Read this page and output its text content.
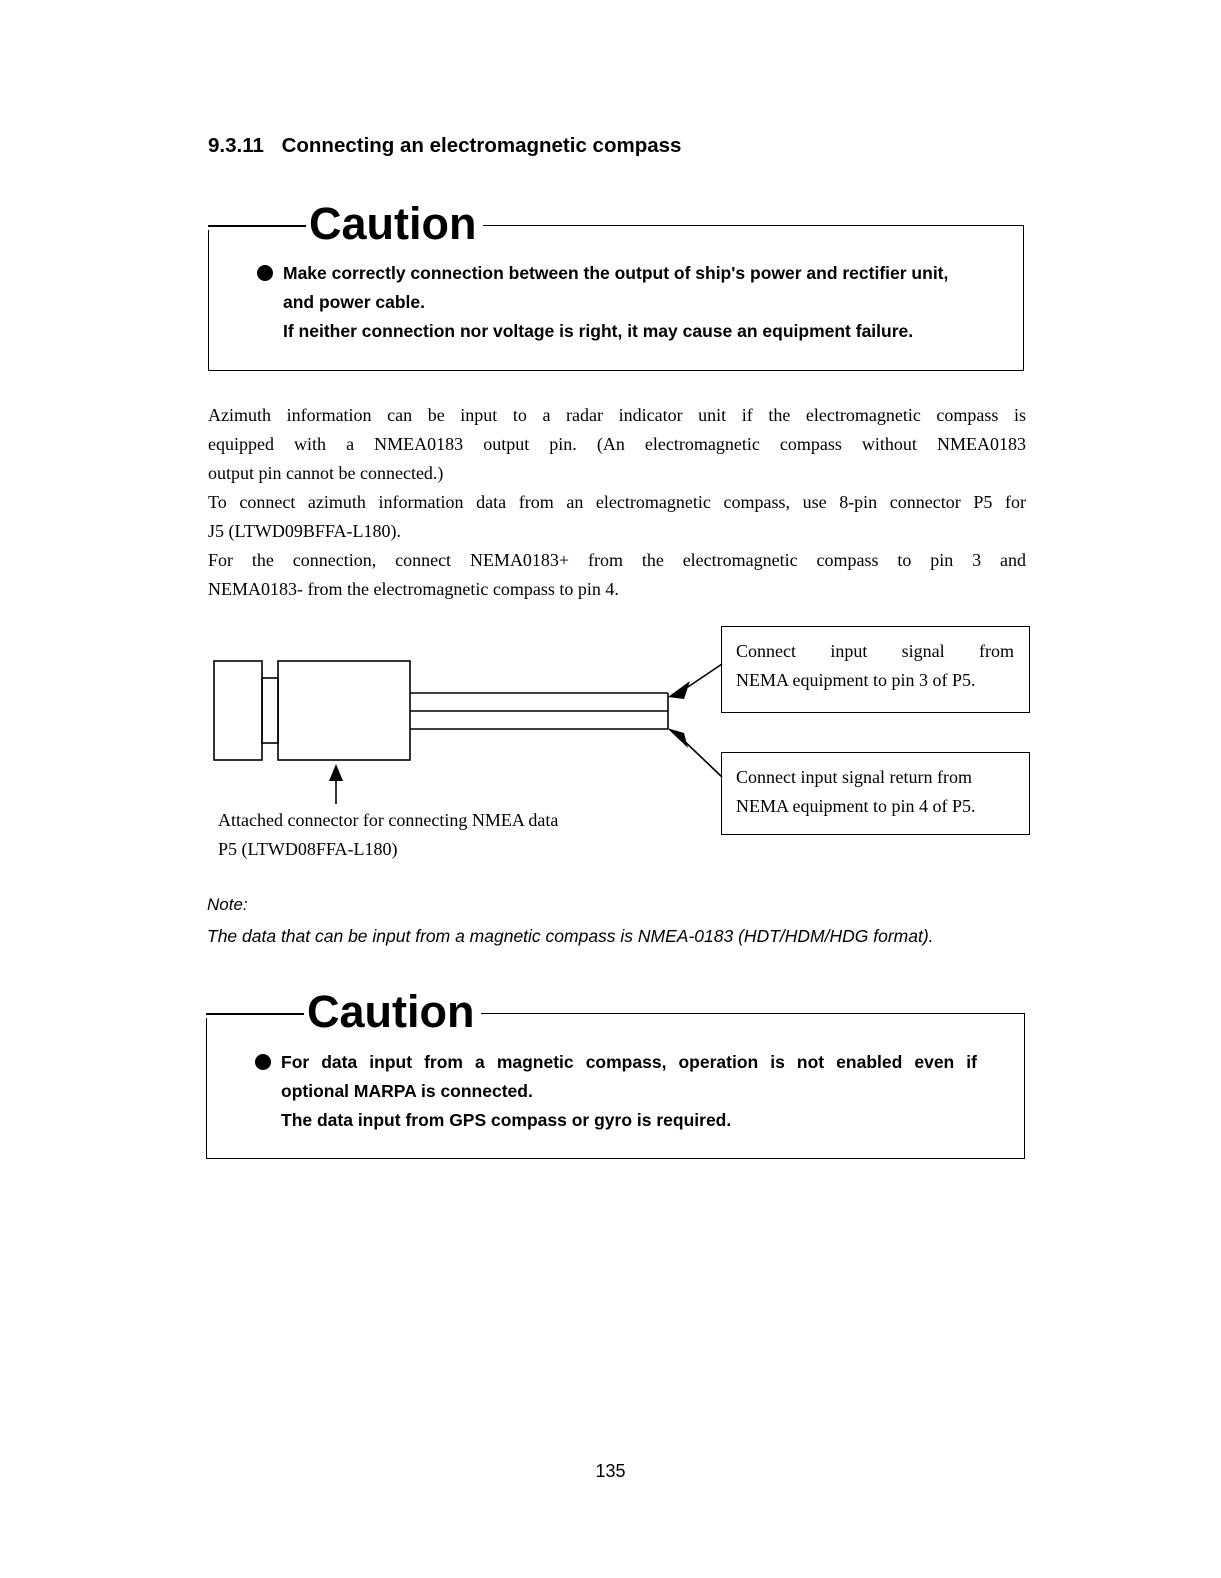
9.3.11 Connecting an electromagnetic compass
Caution
Make correctly connection between the output of ship's power and rectifier unit,
and power cable.
If neither connection nor voltage is right, it may cause an equipment failure.
Azimuth information can be input to a radar indicator unit if the electromagnetic compass is
equipped with a NMEA0183 output pin. (An electromagnetic compass without NMEA0183
output pin cannot be connected.)
To connect azimuth information data from an electromagnetic compass, use 8-pin connector P5 for
J5 (LTWD09BFFA-L180).
For the connection, connect NEMA0183+ from the electromagnetic compass to pin 3 and
NEMA0183- from the electromagnetic compass to pin 4.
Connect input signal from
NEMA equipment to pin 3 of P5.
Connect input signal return from
NEMA equipment to pin 4 of P5.
Attached connector for connecting NMEA data
P5 (LTWD08FFA-L180)
Note:
The data that can be input from a magnetic compass is NMEA-0183 (HDT/HDM/HDG format).
Caution
For data input from a magnetic compass, operation is not enabled even if
optional MARPA is connected.
The data input from GPS compass or gyro is required.
135
